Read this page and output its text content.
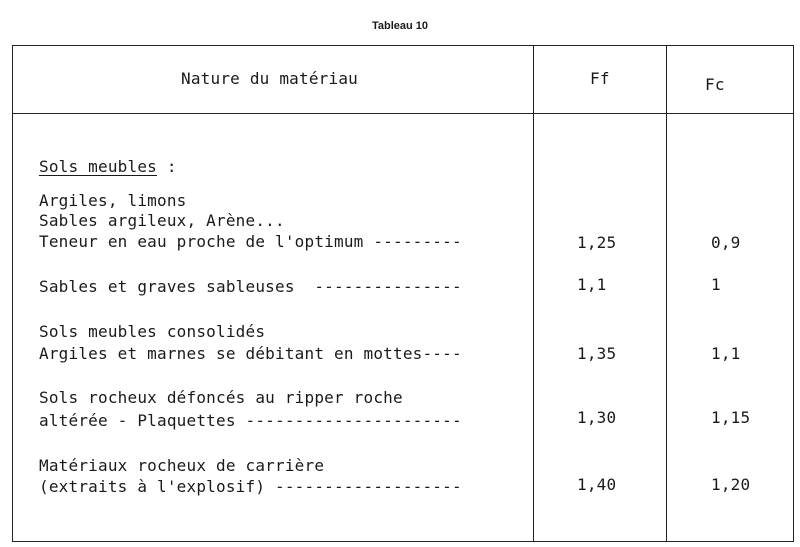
Tableau 10
Nature du matériau	Ff	Fc
Sols meubles :
Argiles, limons
Sables argileux, Arène...
Teneur en eau proche de l'optimum ---------	1,25	0,9
Sables et graves sableuses  ---------------	1,1	1
Sols meubles consolidés
Argiles et marnes se débitant en mottes----	1,35	1,1
Sols rocheux défoncés au ripper roche
altérée - Plaquettes ----------------------	1,30	1,15
Matériaux rocheux de carrière
(extraits à l'explosif) -------------------	1,40	1,20
